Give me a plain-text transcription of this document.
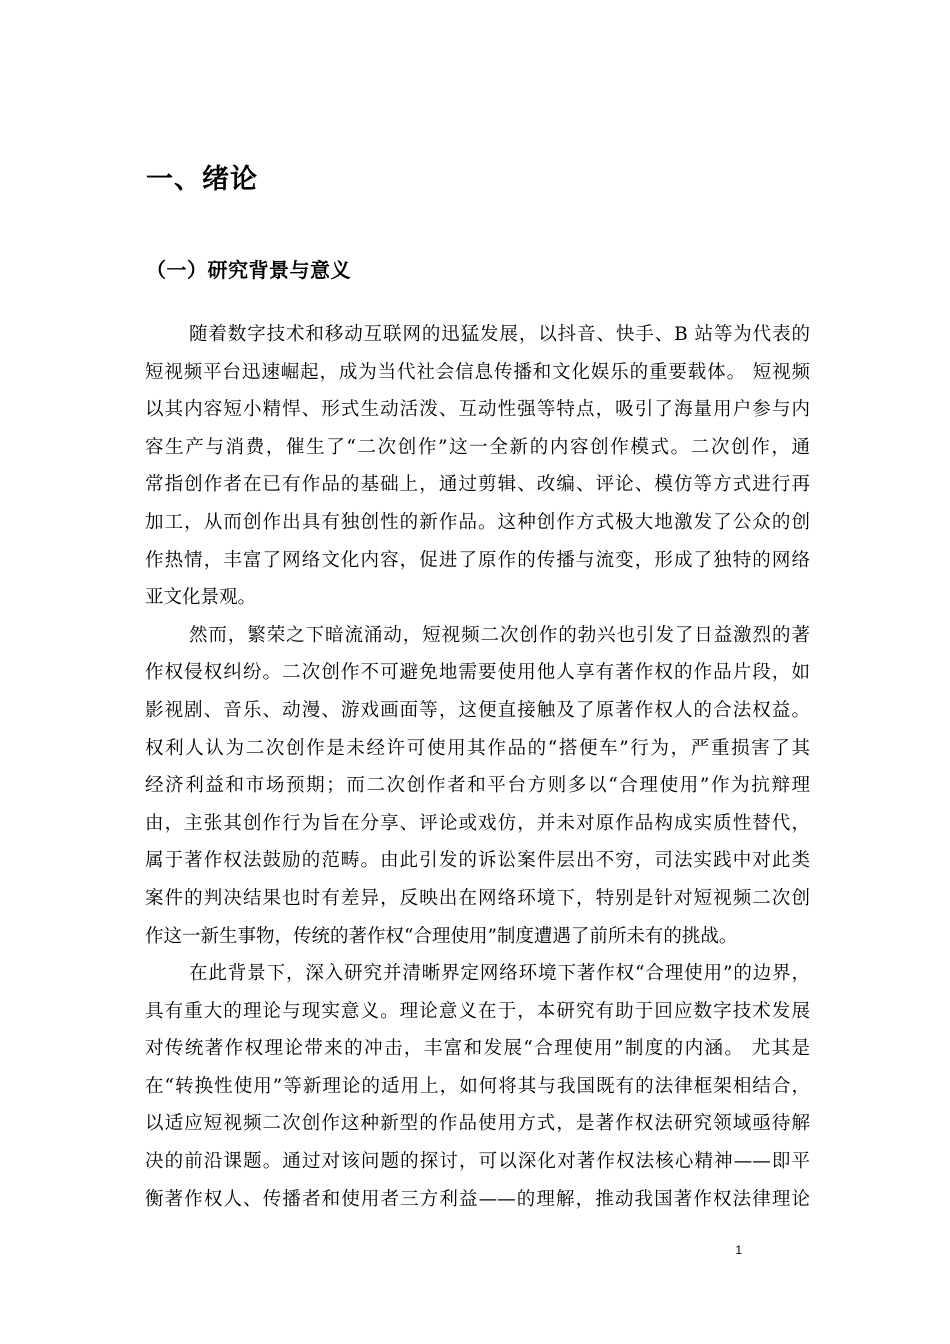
一、绪论
（一）研究背景与意义
随着数字技术和移动互联网的迅猛发展，以抖音、快手、B 站等为代表的
短视频平台迅速崛起，成为当代社会信息传播和文化娱乐的重要载体。 短视频
以其内容短小精悍、形式生动活泼、互动性强等特点，吸引了海量用户参与内
容生产与消费，催生了“二次创作”这一全新的内容创作模式。二次创作，通
常指创作者在已有作品的基础上，通过剪辑、改编、评论、模仿等方式进行再
加工，从而创作出具有独创性的新作品。这种创作方式极大地激发了公众的创
作热情，丰富了网络文化内容，促进了原作的传播与流变，形成了独特的网络
亚文化景观。
然而，繁荣之下暗流涌动，短视频二次创作的勃兴也引发了日益激烈的著
作权侵权纠纷。二次创作不可避免地需要使用他人享有著作权的作品片段，如
影视剧、音乐、动漫、游戏画面等，这便直接触及了原著作权人的合法权益。
权利人认为二次创作是未经许可使用其作品的“搭便车”行为，严重损害了其
经济利益和市场预期；而二次创作者和平台方则多以“合理使用”作为抗辩理
由，主张其创作行为旨在分享、评论或戏仿，并未对原作品构成实质性替代，
属于著作权法鼓励的范畴。由此引发的诉讼案件层出不穷，司法实践中对此类
案件的判决结果也时有差异，反映出在网络环境下，特别是针对短视频二次创
作这一新生事物，传统的著作权“合理使用”制度遭遇了前所未有的挑战。
在此背景下，深入研究并清晰界定网络环境下著作权“合理使用”的边界，
具有重大的理论与现实意义。理论意义在于，本研究有助于回应数字技术发展
对传统著作权理论带来的冲击，丰富和发展“合理使用”制度的内涵。 尤其是
在“转换性使用”等新理论的适用上，如何将其与我国既有的法律框架相结合，
以适应短视频二次创作这种新型的作品使用方式，是著作权法研究领域亟待解
决的前沿课题。通过对该问题的探讨，可以深化对著作权法核心精神——即平
衡著作权人、传播者和使用者三方利益——的理解，推动我国著作权法律理论
1
